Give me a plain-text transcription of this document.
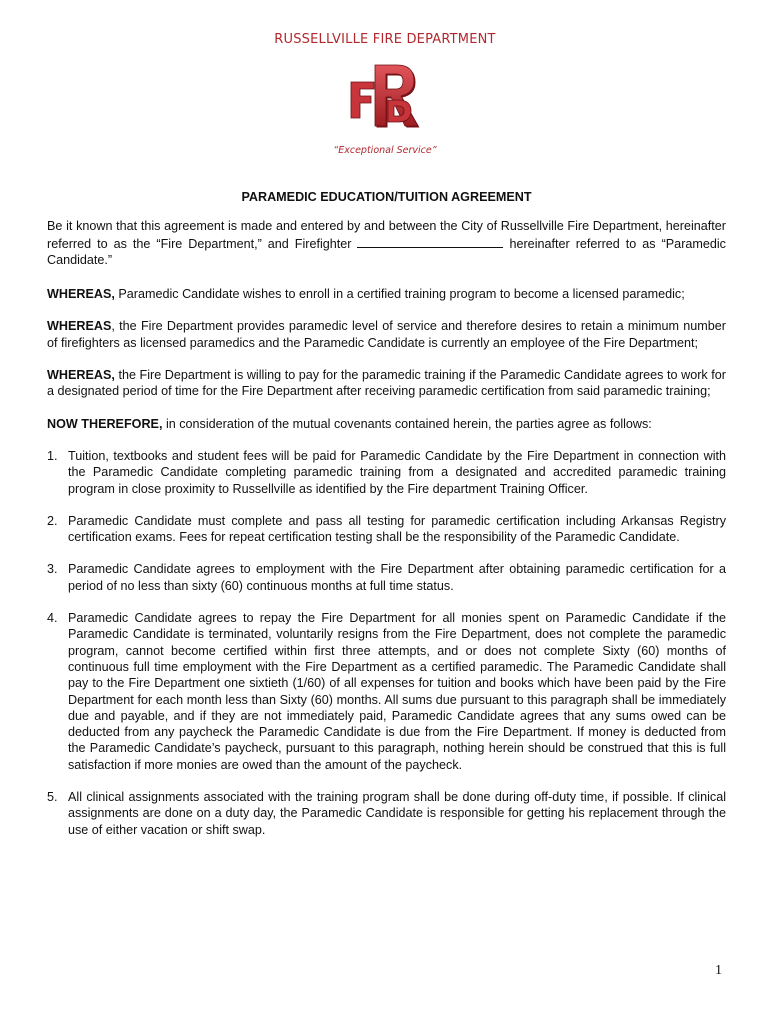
RUSSELLVILLE FIRE DEPARTMENT
“Exceptional Service”

PARAMEDIC EDUCATION/TUITION AGREEMENT

Be it known that this agreement is made and entered by and between the City of Russellville Fire Department, hereinafter referred to as the “Fire Department,” and Firefighter	hereinafter referred to as “Paramedic Candidate.”

WHEREAS, Paramedic Candidate wishes to enroll in a certified training program to become a licensed paramedic;

WHEREAS, the Fire Department provides paramedic level of service and therefore desires to retain a minimum number of firefighters as licensed paramedics and the Paramedic Candidate is currently an employee of the Fire Department;

WHEREAS, the Fire Department is willing to pay for the paramedic training if the Paramedic Candidate agrees to work for a designated period of time for the Fire Department after receiving paramedic certification from said paramedic training;

NOW THEREFORE, in consideration of the mutual covenants contained herein, the parties agree as follows:

1. Tuition, textbooks and student fees will be paid for Paramedic Candidate by the Fire Department in connection with the Paramedic Candidate completing paramedic training from a designated and accredited paramedic training program in close proximity to Russellville as identified by the Fire department Training Officer.
2. Paramedic Candidate must complete and pass all testing for paramedic certification including Arkansas Registry certification exams. Fees for repeat certification testing shall be the responsibility of the Paramedic Candidate.
3. Paramedic Candidate agrees to employment with the Fire Department after obtaining paramedic certification for a period of no less than sixty (60) continuous months at full time status.
4. Paramedic Candidate agrees to repay the Fire Department for all monies spent on Paramedic Candidate if the Paramedic Candidate is terminated, voluntarily resigns from the Fire Department, does not complete the paramedic program, cannot become certified within first three attempts, and or does not complete Sixty (60) months of continuous full time employment with the Fire Department as a certified paramedic. The Paramedic Candidate shall pay to the Fire Department one sixtieth (1/60) of all expenses for tuition and books which have been paid by the Fire Department for each month less than Sixty (60) months. All sums due pursuant to this paragraph shall be immediately due and payable, and if they are not immediately paid, Paramedic Candidate agrees that any sums owed can be deducted from any paycheck the Paramedic Candidate is due from the Fire Department. If money is deducted from the Paramedic Candidate’s paycheck, pursuant to this paragraph, nothing herein should be construed that this is full satisfaction if more monies are owed than the amount of the paycheck.
5. All clinical assignments associated with the training program shall be done during off-duty time, if possible. If clinical assignments are done on a duty day, the Paramedic Candidate is responsible for getting his replacement through the use of either vacation or shift swap.
1
